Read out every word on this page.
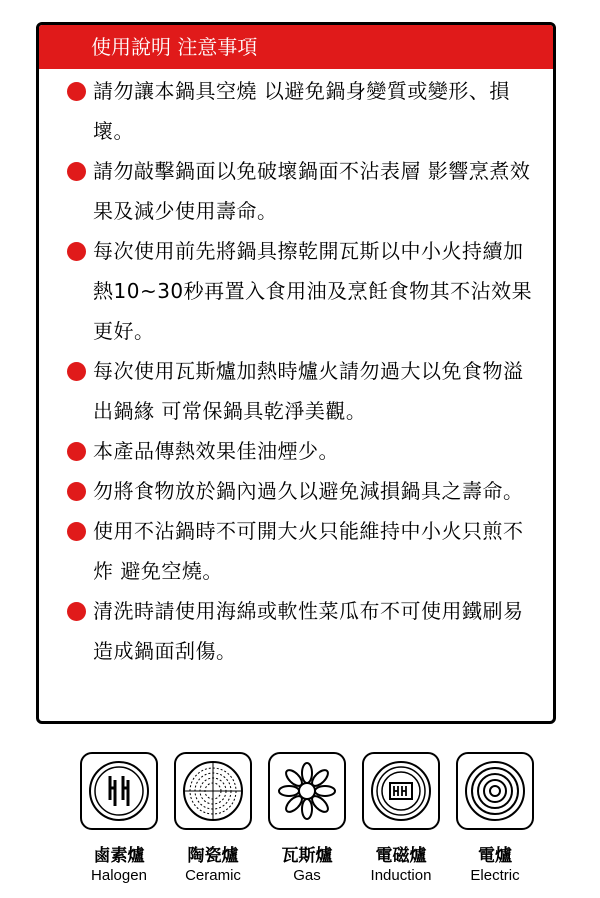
使用說明 注意事項
請勿讓本鍋具空燒 以避免鍋身變質或變形、損壞。
請勿敲擊鍋面以免破壞鍋面不沾表層 影響烹煮效果及減少使用壽命。
每次使用前先將鍋具擦乾開瓦斯以中小火持續加熱10~30秒再置入食用油及烹飪食物其不沾效果更好。
每次使用瓦斯爐加熱時爐火請勿過大以免食物溢出鍋緣 可常保鍋具乾淨美觀。
本產品傳熱效果佳油煙少。
勿將食物放於鍋內過久以避免減損鍋具之壽命。
使用不沾鍋時不可開大火只能維持中小火只煎不炸 避免空燒。
清洗時請使用海綿或軟性菜瓜布不可使用鐵刷易造成鍋面刮傷。
鹵素爐
Halogen
陶瓷爐
Ceramic
瓦斯爐
Gas
電磁爐
Induction
電爐
Electric
